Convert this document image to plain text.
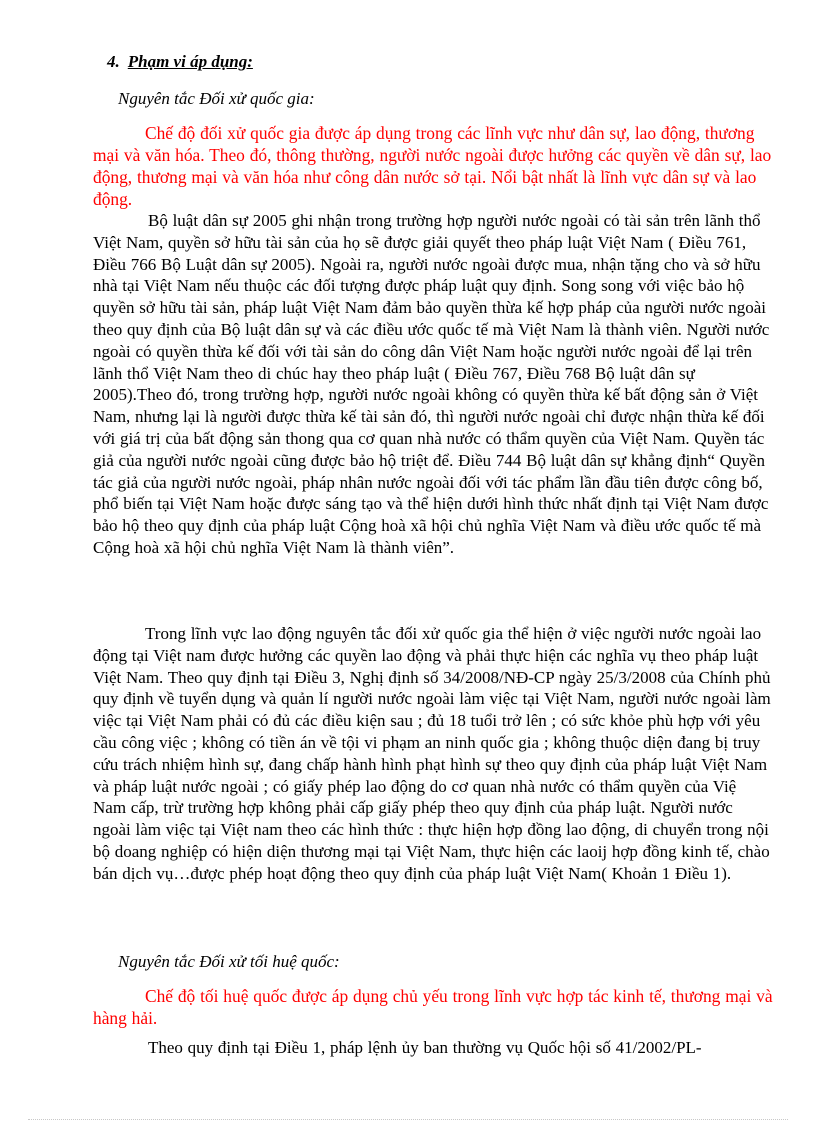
4. Phạm vi áp dụng:

Nguyên tắc Đối xử quốc gia:

Chế độ đối xử quốc gia được áp dụng trong các lĩnh vực như dân sự, lao động, thương mại và văn hóa. Theo đó, thông thường, người nước ngoài được hưởng các quyền về dân sự, lao động, thương mại và văn hóa như công dân nước sở tại. Nổi bật nhất là lĩnh vực dân sự và lao động.

Bộ luật dân sự 2005 ghi nhận trong trường hợp người nước ngoài có tài sản trên lãnh thổ Việt Nam, quyền sở hữu tài sản của họ sẽ được giải quyết theo pháp luật Việt Nam ( Điều 761, Điều 766 Bộ Luật dân sự 2005). Ngoài ra, người nước ngoài được mua, nhận tặng cho và sở hữu nhà tại Việt Nam nếu thuộc các đối tượng được pháp luật quy định. Song song với việc bảo hộ quyền sở hữu tài sản, pháp luật Việt Nam đảm bảo quyền thừa kế hợp pháp của người nước ngoài theo quy định của Bộ luật dân sự và các điều ước quốc tế mà Việt Nam là thành viên. Người nước ngoài có quyền thừa kế đối với tài sản do công dân Việt Nam hoặc người nước ngoài để lại trên lãnh thổ Việt Nam theo di chúc hay theo pháp luật ( Điều 767, Điều 768 Bộ luật dân sự 2005).Theo đó, trong trường hợp, người nước ngoài không có quyền thừa kế bất động sản ở Việt Nam, nhưng lại là người được thừa kế tài sản đó, thì người nước ngoài chỉ được nhận thừa kế đối với giá trị của bất động sản thong qua cơ quan nhà nước có thẩm quyền của Việt Nam. Quyền tác giả của người nước ngoài cũng được bảo hộ triệt để. Điều 744 Bộ luật dân sự khẳng định“ Quyền tác giả của người nước ngoài, pháp nhân nước ngoài đối với tác phẩm lần đầu tiên được công bố, phổ biến tại Việt Nam hoặc được sáng tạo và thể hiện dưới hình thức nhất định tại Việt Nam được bảo hộ theo quy định của pháp luật Cộng hoà xã hội chủ nghĩa Việt Nam và điều ước quốc tế mà Cộng hoà xã hội chủ nghĩa Việt Nam là thành viên”.

Trong lĩnh vực lao động nguyên tắc đối xử quốc gia thể hiện ở việc người nước ngoài lao động tại Việt nam được hưởng các quyền lao động và phải thực hiện các nghĩa vụ theo pháp luật Việt Nam. Theo quy định tại Điều 3, Nghị định số 34/2008/NĐ-CP ngày 25/3/2008 của Chính phủ quy định về tuyển dụng và quản lí người nước ngoài làm việc tại Việt Nam, người nước ngoài làm việc tại Việt Nam phải có đủ các điều kiện sau ; đủ 18 tuổi trở lên ; có sức khỏe phù hợp với yêu cầu công việc ; không có tiền án về tội vi phạm an ninh quốc gia ; không thuộc diện đang bị truy cứu trách nhiệm hình sự, đang chấp hành hình phạt hình sự theo quy định của pháp luật Việt Nam và pháp luật nước ngoài ; có giấy phép lao động do cơ quan nhà nước có thẩm quyền của Việ Nam cấp, trừ trường hợp không phải cấp giấy phép theo quy định của pháp luật. Người nước ngoài làm việc tại Việt nam theo các hình thức : thực hiện hợp đồng lao động, di chuyển trong nội bộ doang nghiệp có hiện diện thương mại tại Việt Nam, thực hiện các laoij hợp đồng kinh tế, chào bán dịch vụ…được phép hoạt động theo quy định của pháp luật Việt Nam( Khoản 1 Điều 1).

Nguyên tắc Đối xử tối huệ quốc:

Chế độ tối huệ quốc được áp dụng chủ yếu trong lĩnh vực hợp tác kinh tế, thương mại và hàng hải.

Theo quy định tại Điều 1, pháp lệnh ủy ban thường vụ Quốc hội số 41/2002/PL-
